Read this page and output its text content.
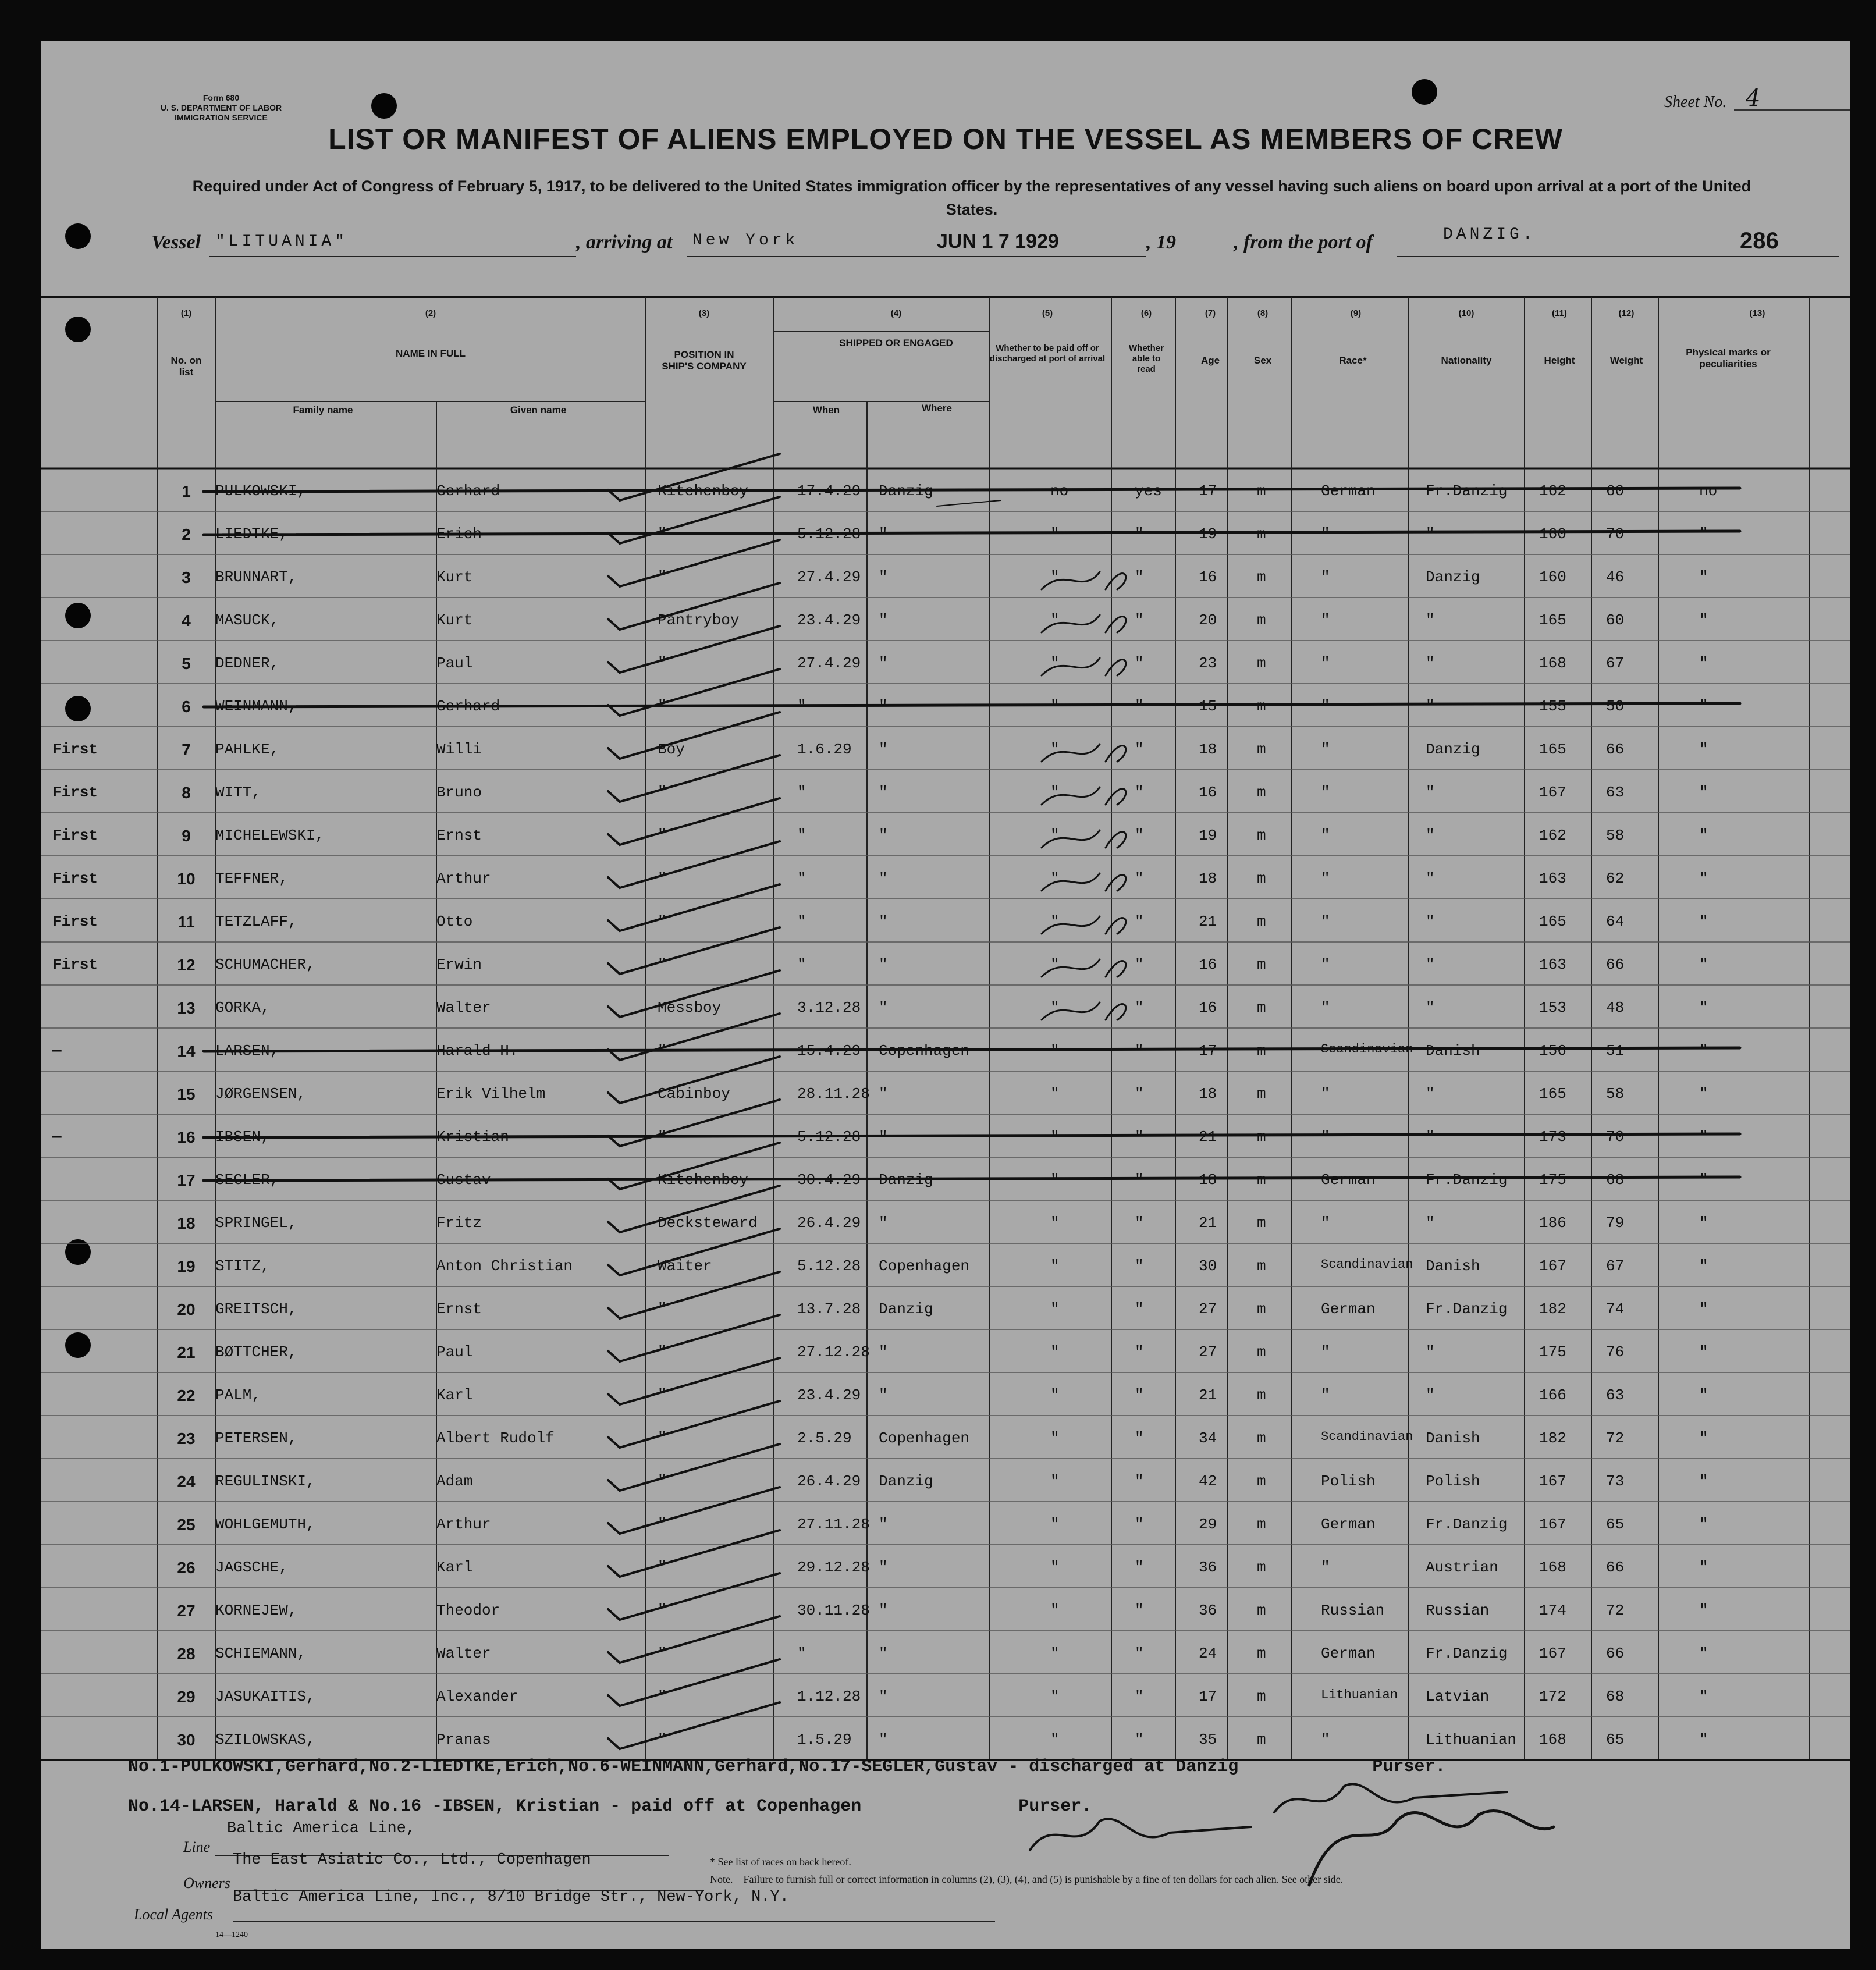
Form 680
U. S. DEPARTMENT OF LABOR
IMMIGRATION SERVICE
Sheet No. 4
LIST OR MANIFEST OF ALIENS EMPLOYED ON THE VESSEL AS MEMBERS OF CREW
Required under Act of Congress of February 5, 1917, to be delivered to the United States immigration officer by the representatives of any vessel having such aliens on board upon arrival at a port of the United States.
Vessel "LITUANIA"	, arriving at New York	JUN 1 7 1929	, 19	, from the port of	DANZIG.	286
(1)	(2)	(3)	(4)	(5)	(6)	(7)	(8)	(9)	(10)	(11)	(12)	(13)
No. on list
NAME IN FULL
Family name	Given name
POSITION IN SHIP'S COMPANY
SHIPPED OR ENGAGED
When	Where
Whether to be paid off or discharged at port of arrival
Whether able to read
Age	Sex	Race*	Nationality	Height	Weight
Physical marks or peculiarities
1	PULKOWSKI,	Gerhard	Kitchenboy	17.4.29 Danzig	no	yes 17	m	German	Fr.Danzig 162	60	no
2	LIEDTKE,	Erich	"	5.12.28 "	"	"	19	m	"	"	160	70	"
3	BRUNNART,	Kurt	"	27.4.29 "	"	"	16	m	"	Danzig	160	46	"
4	MASUCK,	Kurt	Pantryboy	23.4.29 "	"	"	20	m	"	"	165	60	"
5	DEDNER,	Paul	"	27.4.29 "	"	"	23	m	"	"	168	67	"
6	WEINMANN,	Gerhard	"	"	"	"	"	15	m	"	"	155	50	"
7	PAHLKE,	Willi	Boy	1.6.29 "	"	"	18	m	"	Danzig	165	66	"
First
8	WITT,	Bruno	"	"	"	"	"	16	m	"	"	167	63	"
First
9	MICHELEWSKI,	Ernst	"	"	"	"	"	19	m	"	"	162	58	"
First
10	TEFFNER,	Arthur	"	"	"	"	"	18	m	"	"	163	62	"
First
11	TETZLAFF,	Otto	"	"	"	"	"	21	m	"	"	165	64	"
First
12	SCHUMACHER,	Erwin	"	"	"	"	"	16	m	"	"	163	66	"
First
13	GORKA,	Walter	Messboy	3.12.28 "	"	"	16	m	"	"	153	48	"
14	LARSEN,	Harald H.	"	15.4.29 Copenhagen	"	"	17	m	Scandinavian Danish	156	51	"
—
15	JØRGENSEN,	Erik Vilhelm	Cabinboy	28.11.28 "	"	"	18	m	"	"	165	58	"
16	IBSEN,	Kristian	"	5.12.28 "	"	"	21	m	"	"	173	70	"
—
17	SEGLER,	Gustav	Kitchenboy	30.4.29 Danzig	"	"	18	m	German	Fr.Danzig 175	68	"
18	SPRINGEL,	Fritz	Decksteward	26.4.29 "	"	"	21	m	"	"	186	79	"
19	STITZ,	Anton Christian	Waiter	5.12.28 Copenhagen	"	"	30	m	Scandinavian Danish	167	67	"
20	GREITSCH,	Ernst	"	13.7.28 Danzig	"	"	27	m	German	Fr.Danzig 182	74	"
21	BØTTCHER,	Paul	"	27.12.28 "	"	"	27	m	"	"	175	76	"
22	PALM,	Karl	"	23.4.29 "	"	"	21	m	"	"	166	63	"
23	PETERSEN,	Albert Rudolf	"	2.5.29 Copenhagen	"	"	34	m	Scandinavian Danish	182	72	"
24	REGULINSKI,	Adam	"	26.4.29 Danzig	"	"	42	m	Polish	Polish	167	73	"
25	WOHLGEMUTH,	Arthur	"	27.11.28 "	"	"	29	m	German	Fr.Danzig 167	65	"
26	JAGSCHE,	Karl	"	29.12.28 "	"	"	36	m	"	Austrian	168	66	"
27	KORNEJEW,	Theodor	"	30.11.28 "	"	"	36	m	Russian	Russian	174	72	"
28	SCHIEMANN,	Walter	"	"	"	"	"	24	m	German	Fr.Danzig 167	66	"
29	JASUKAITIS,	Alexander	"	1.12.28 "	"	"	17	m	Lithuanian Latvian	172	68	"
30	SZILOWSKAS,	Pranas	"	1.5.29 "	"	"	35	m	"	Lithuanian 168	65	"
No.1-PULKOWSKI,Gerhard,No.2-LIEDTKE,Erich,No.6-WEINMANN,Gerhard,No.17-SEGLER,Gustav - discharged at Danzig	Purser.
No.14-LARSEN, Harald & No.16 -IBSEN, Kristian - paid off at Copenhagen	Purser.
Line
Baltic America Line,
Owners
The East Asiatic Co., Ltd., Copenhagen
Local Agents
Baltic America Line, Inc., 8/10 Bridge Str., New-York, N.Y.
14—1240
* See list of races on back hereof.
Note.—Failure to furnish full or correct information in columns (2), (3), (4), and (5) is punishable by a fine of ten dollars for each alien. See other side.
